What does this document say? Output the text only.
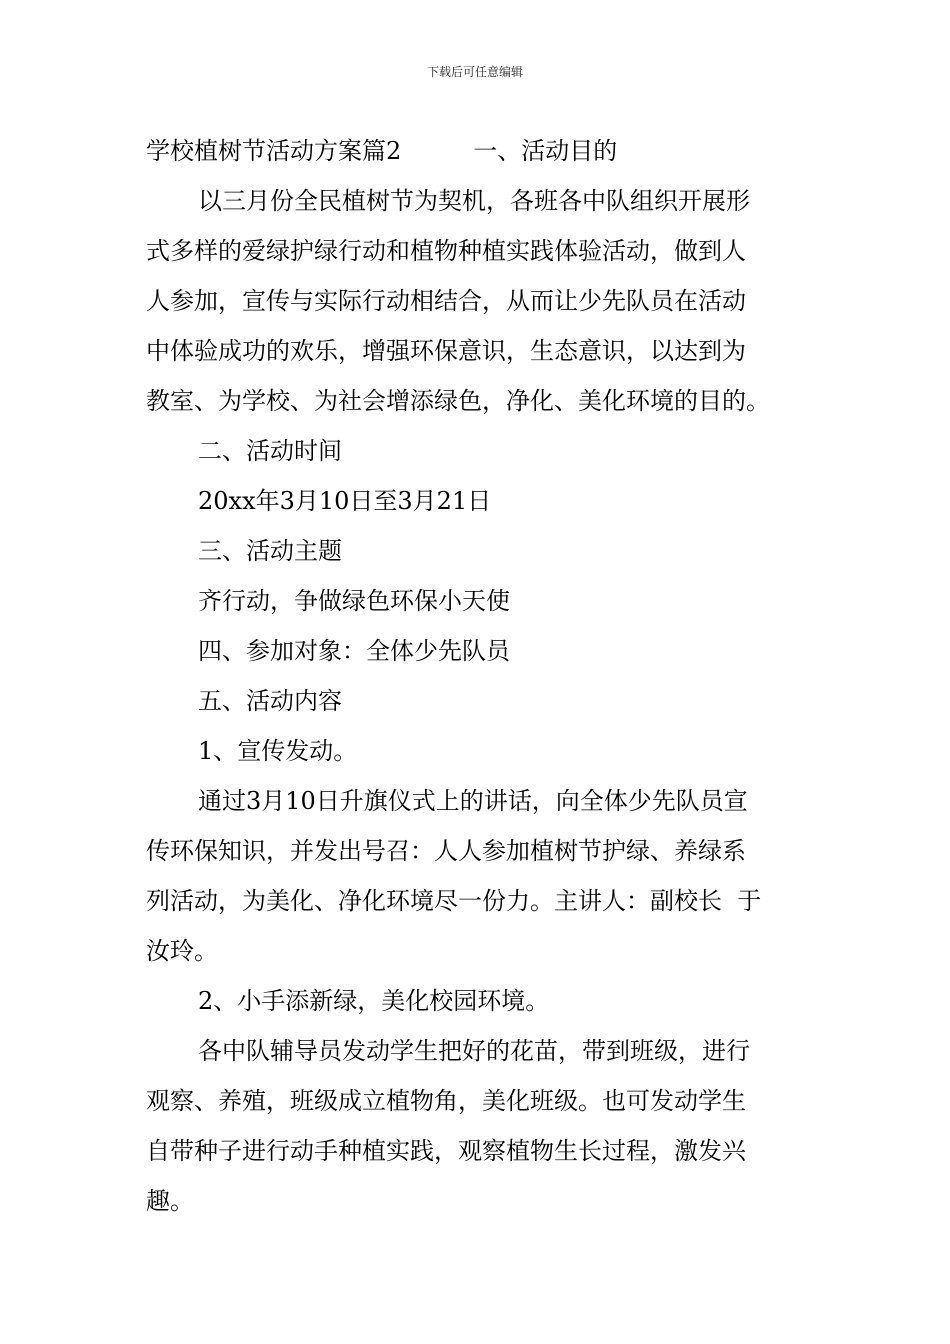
下载后可任意编辑
学校植树节活动方案篇2　　　一、活动目的
以三月份全民植树节为契机，各班各中队组织开展形
式多样的爱绿护绿行动和植物种植实践体验活动，做到人
人参加，宣传与实际行动相结合，从而让少先队员在活动
中体验成功的欢乐，增强环保意识，生态意识，以达到为
教室、为学校、为社会增添绿色，净化、美化环境的目的。
二、活动时间
20xx年3月10日至3月21日
三、活动主题
齐行动，争做绿色环保小天使
四、参加对象：全体少先队员
五、活动内容
1、宣传发动。
通过3月10日升旗仪式上的讲话，向全体少先队员宣
传环保知识，并发出号召：人人参加植树节护绿、养绿系
列活动，为美化、净化环境尽一份力。主讲人：副校长  于
汝玲。
2、小手添新绿，美化校园环境。
各中队辅导员发动学生把好的花苗，带到班级，进行
观察、养殖，班级成立植物角，美化班级。也可发动学生
自带种子进行动手种植实践，观察植物生长过程，激发兴
趣。
